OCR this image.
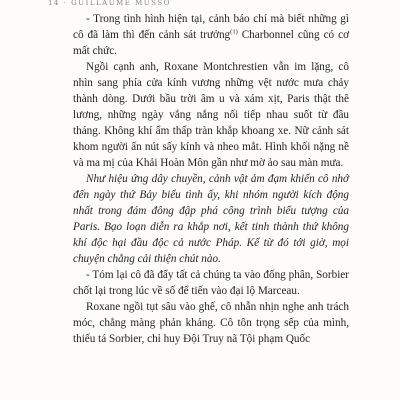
14 · GUILLAUME MUSSO

- Trong tình hình hiện tại, cảnh báo chí mà biết những gì cô đã làm thì đến cảnh sát trưởng$^{(1)}$ Charbonnel cũng có cơ mất chức.

Ngồi cạnh anh, Roxane Montchrestien vẫn im lặng, cô nhìn sang phía cửa kính vương những vệt nước mưa chảy thành dòng. Dưới bầu trời âm u và xám xịt, Paris thật thê lương, những ngày vắng nắng nối tiếp nhau suốt từ đầu tháng. Không khí ẩm thấp tràn khắp khoang xe. Nữ cảnh sát khom người ấn nút sấy kính và nheo mắt. Hình khối nặng nề và ma mị của Khải Hoàn Môn gần như mờ ảo sau màn mưa.

Như hiệu ứng dây chuyền, cảnh vật ảm đạm khiến cô nhớ đến ngày thứ Bảy biểu tình ấy, khi nhóm người kích động nhất trong đám đông đập phá công trình biểu tượng của Paris. Bạo loạn diễn ra khắp nơi, kết tinh thành thứ không khí độc hại đầu độc cả nước Pháp. Kể từ đó tới giờ, mọi chuyện chẳng cải thiện chút nào.

- Tóm lại cô đã đẩy tất cả chúng ta vào đống phân, Sorbier chốt lại trong lúc về số để tiến vào đại lộ Marceau.

Roxane ngồi tụt sâu vào ghế, cô nhẫn nhịn nghe anh trách móc, chẳng màng phản kháng. Cô tôn trọng sếp của mình, thiếu tá Sorbier, chỉ huy Đội Truy nã Tội phạm Quốc
